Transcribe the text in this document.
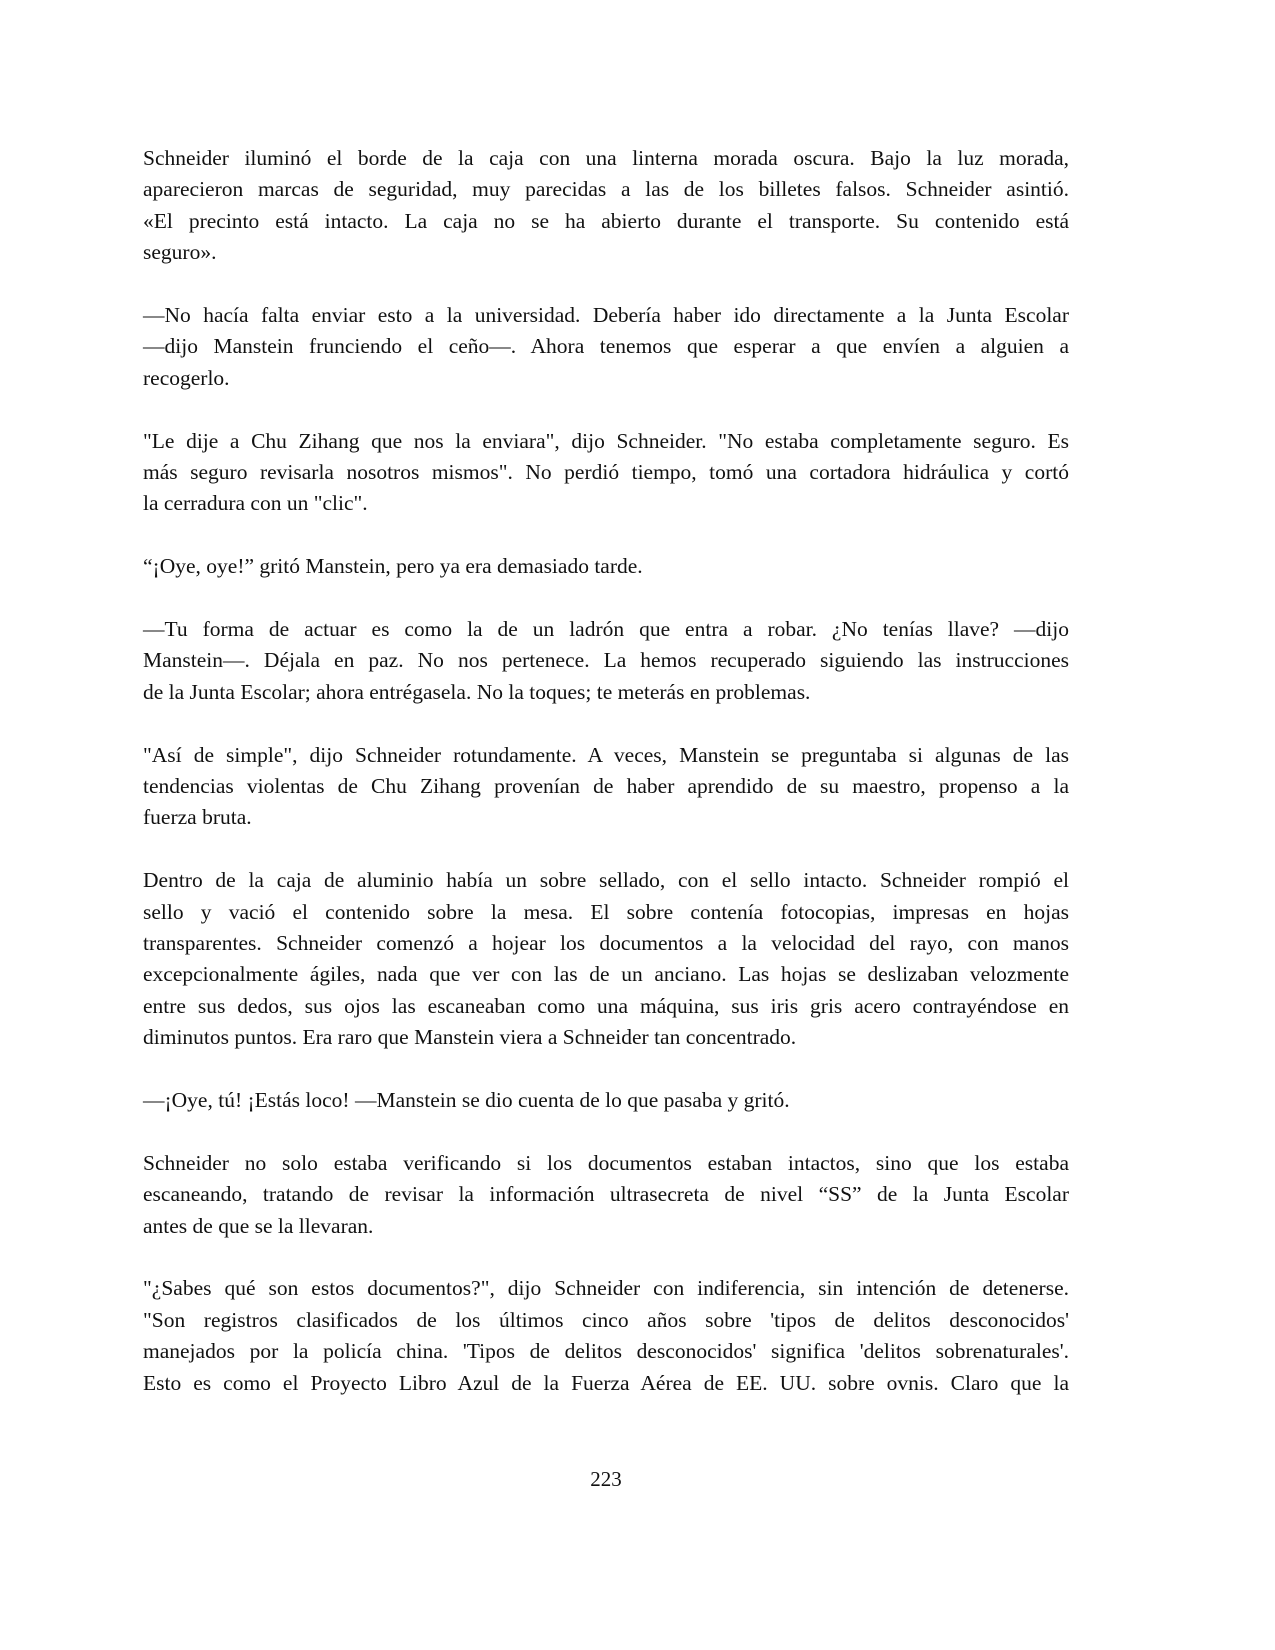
Schneider iluminó el borde de la caja con una linterna morada oscura. Bajo la luz morada,
aparecieron marcas de seguridad, muy parecidas a las de los billetes falsos. Schneider asintió.
«El precinto está intacto. La caja no se ha abierto durante el transporte. Su contenido está
seguro».
—No hacía falta enviar esto a la universidad. Debería haber ido directamente a la Junta Escolar
—dijo Manstein frunciendo el ceño—. Ahora tenemos que esperar a que envíen a alguien a
recogerlo.
"Le dije a Chu Zihang que nos la enviara", dijo Schneider. "No estaba completamente seguro. Es
más seguro revisarla nosotros mismos". No perdió tiempo, tomó una cortadora hidráulica y cortó
la cerradura con un "clic".
“¡Oye, oye!” gritó Manstein, pero ya era demasiado tarde.
—Tu forma de actuar es como la de un ladrón que entra a robar. ¿No tenías llave? —dijo
Manstein—. Déjala en paz. No nos pertenece. La hemos recuperado siguiendo las instrucciones
de la Junta Escolar; ahora entrégasela. No la toques; te meterás en problemas.
"Así de simple", dijo Schneider rotundamente. A veces, Manstein se preguntaba si algunas de las
tendencias violentas de Chu Zihang provenían de haber aprendido de su maestro, propenso a la
fuerza bruta.
Dentro de la caja de aluminio había un sobre sellado, con el sello intacto. Schneider rompió el
sello y vació el contenido sobre la mesa. El sobre contenía fotocopias, impresas en hojas
transparentes. Schneider comenzó a hojear los documentos a la velocidad del rayo, con manos
excepcionalmente ágiles, nada que ver con las de un anciano. Las hojas se deslizaban velozmente
entre sus dedos, sus ojos las escaneaban como una máquina, sus iris gris acero contrayéndose en
diminutos puntos. Era raro que Manstein viera a Schneider tan concentrado.
—¡Oye, tú! ¡Estás loco! —Manstein se dio cuenta de lo que pasaba y gritó.
Schneider no solo estaba verificando si los documentos estaban intactos, sino que los estaba
escaneando, tratando de revisar la información ultrasecreta de nivel “SS” de la Junta Escolar
antes de que se la llevaran.
"¿Sabes qué son estos documentos?", dijo Schneider con indiferencia, sin intención de detenerse.
"Son registros clasificados de los últimos cinco años sobre 'tipos de delitos desconocidos'
manejados por la policía china. 'Tipos de delitos desconocidos' significa 'delitos sobrenaturales'.
Esto es como el Proyecto Libro Azul de la Fuerza Aérea de EE. UU. sobre ovnis. Claro que la
223
